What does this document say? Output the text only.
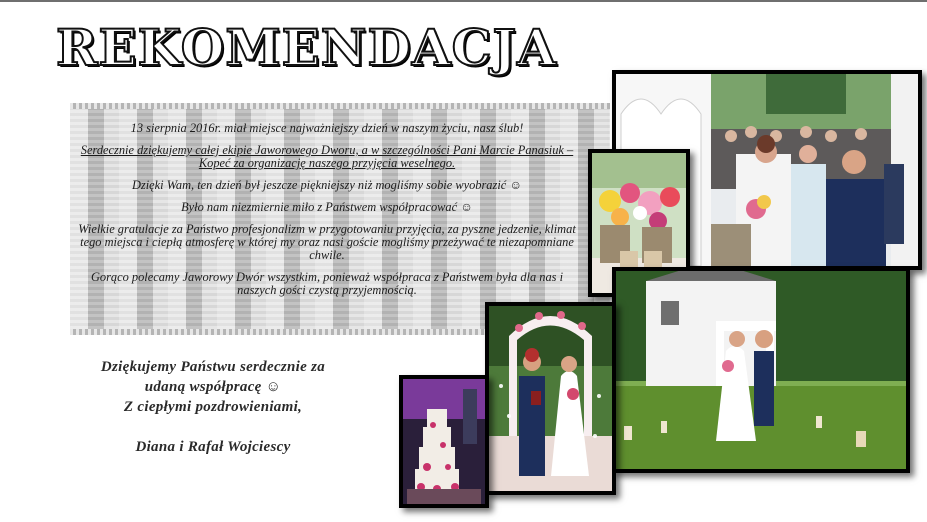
REKOMENDACJA

13 sierpnia 2016r. miał miejsce najważniejszy dzień w naszym życiu, nasz ślub!

Serdecznie dziękujemy całej ekipie Jaworowego Dworu, a w szczególności Pani Marcie Panasiuk – Kopeć za organizację naszego przyjęcia weselnego.

Dzięki Wam, ten dzień był jeszcze piękniejszy niż mogliśmy sobie wyobrazić ☺

Było nam niezmiernie miło z Państwem współpracować ☺

Wielkie gratulacje za Państwo profesjonalizm w przygotowaniu przyjęcia, za pyszne jedzenie, klimat tego miejsca i ciepłą atmosferę w której my oraz nasi goście mogliśmy przeżywać te niezapomniane chwile.

Gorąco polecamy Jaworowy Dwór wszystkim, ponieważ współpraca z Państwem była dla nas i naszych gości czystą przyjemnością.

Dziękujemy Państwu serdecznie za
udaną współpracę ☺
Z ciepłymi pozdrowieniami,
Diana i Rafał Wojciescy
